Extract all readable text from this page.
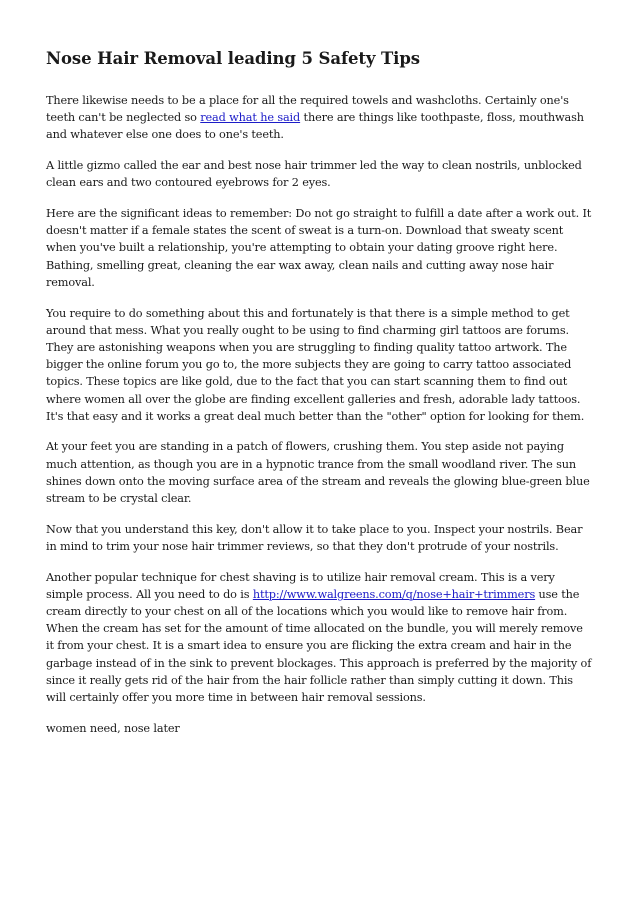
Nose Hair Removal leading 5 Safety Tips

There likewise needs to be a place for all the required towels and washcloths. Certainly one's teeth can't be neglected so read what he said there are things like toothpaste, floss, mouthwash and whatever else one does to one's teeth.

A little gizmo called the ear and best nose hair trimmer led the way to clean nostrils, unblocked clean ears and two contoured eyebrows for 2 eyes.

Here are the significant ideas to remember: Do not go straight to fulfill a date after a work out. It doesn't matter if a female states the scent of sweat is a turn-on. Download that sweaty scent when you've built a relationship, you're attempting to obtain your dating groove right here. Bathing, smelling great, cleaning the ear wax away, clean nails and cutting away nose hair removal.

You require to do something about this and fortunately is that there is a simple method to get around that mess. What you really ought to be using to find charming girl tattoos are forums. They are astonishing weapons when you are struggling to finding quality tattoo artwork. The bigger the online forum you go to, the more subjects they are going to carry tattoo associated topics. These topics are like gold, due to the fact that you can start scanning them to find out where women all over the globe are finding excellent galleries and fresh, adorable lady tattoos. It's that easy and it works a great deal much better than the "other" option for looking for them.

At your feet you are standing in a patch of flowers, crushing them. You step aside not paying much attention, as though you are in a hypnotic trance from the small woodland river. The sun shines down onto the moving surface area of the stream and reveals the glowing blue-green blue stream to be crystal clear.

Now that you understand this key, don't allow it to take place to you. Inspect your nostrils. Bear in mind to trim your nose hair trimmer reviews, so that they don't protrude of your nostrils.

Another popular technique for chest shaving is to utilize hair removal cream. This is a very simple process. All you need to do is http://www.walgreens.com/q/nose+hair+trimmers use the cream directly to your chest on all of the locations which you would like to remove hair from. When the cream has set for the amount of time allocated on the bundle, you will merely remove it from your chest. It is a smart idea to ensure you are flicking the extra cream and hair in the garbage instead of in the sink to prevent blockages. This approach is preferred by the majority of since it really gets rid of the hair from the hair follicle rather than simply cutting it down. This will certainly offer you more time in between hair removal sessions.

women need, nose later
